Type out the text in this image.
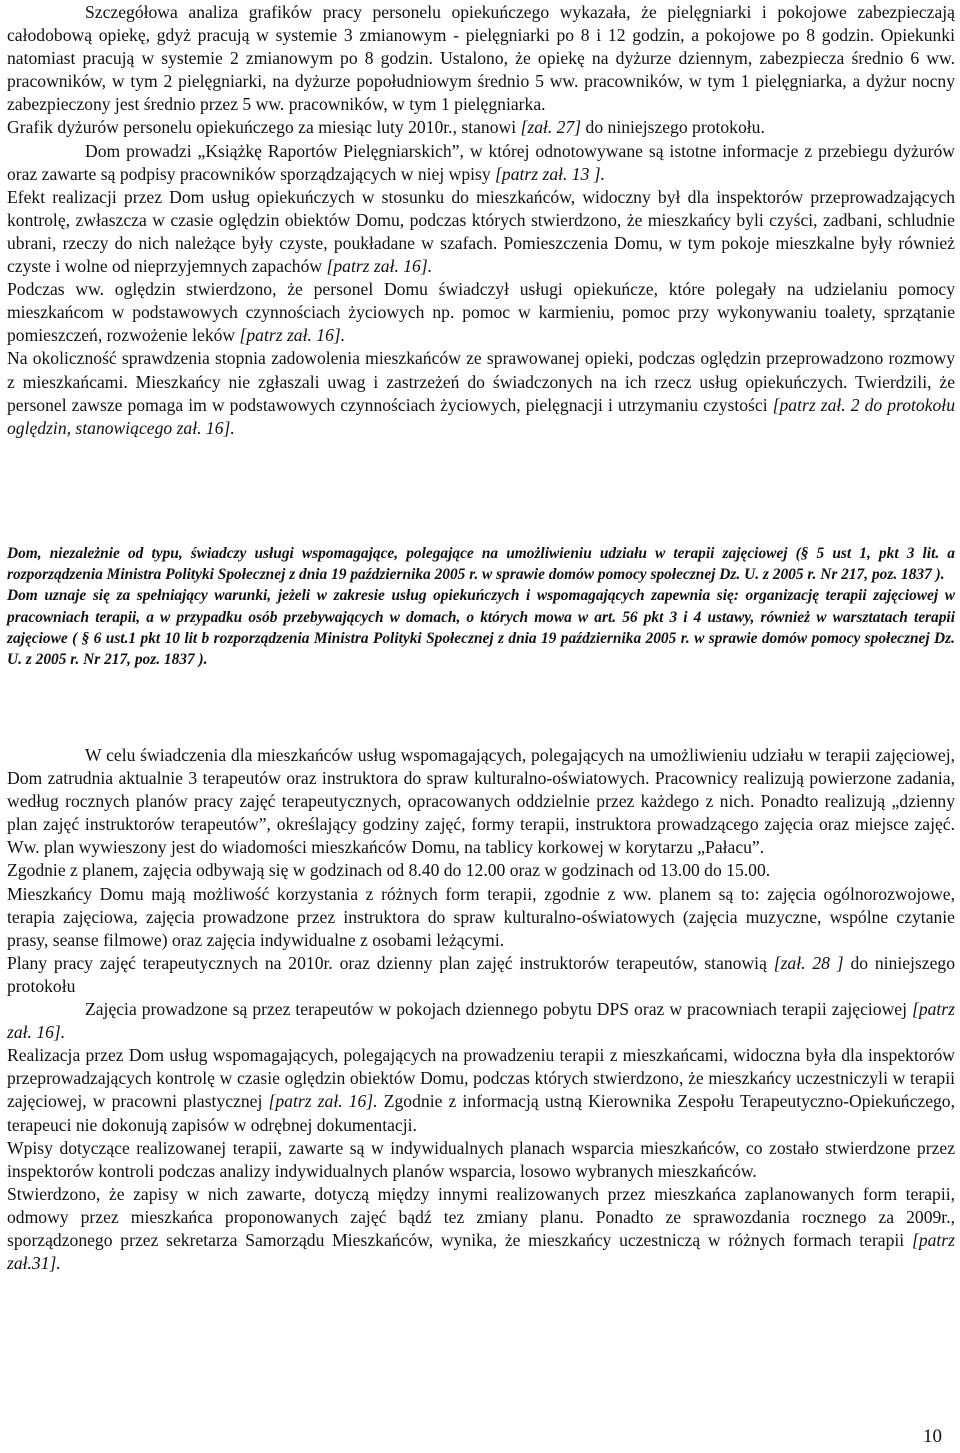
Szczegółowa analiza grafików pracy personelu opiekuńczego wykazała, że pielęgniarki i pokojowe zabezpieczają całodobową opiekę, gdyż pracują w systemie 3 zmianowym - pielęgniarki po 8 i 12 godzin, a pokojowe po 8 godzin. Opiekunki natomiast pracują w systemie 2 zmianowym po 8 godzin. Ustalono, że opiekę na dyżurze dziennym, zabezpiecza średnio 6 ww. pracowników, w tym 2 pielęgniarki, na dyżurze popołudniowym średnio 5 ww. pracowników, w tym 1 pielęgniarka, a dyżur nocny zabezpieczony jest średnio przez 5 ww. pracowników, w tym 1 pielęgniarka.

Grafik dyżurów personelu opiekuńczego za miesiąc luty 2010r., stanowi [zał. 27] do niniejszego protokołu.

Dom prowadzi „Książkę Raportów Pielęgniarskich”, w której odnotowywane są istotne informacje z przebiegu dyżurów oraz zawarte są podpisy pracowników sporządzających w niej wpisy [patrz zał. 13 ].

Efekt realizacji przez Dom usług opiekuńczych w stosunku do mieszkańców, widoczny był dla inspektorów przeprowadzających kontrolę, zwłaszcza w czasie oględzin obiektów Domu, podczas których stwierdzono, że mieszkańcy byli czyści, zadbani, schludnie ubrani, rzeczy do nich należące były czyste, poukładane w szafach. Pomieszczenia Domu, w tym pokoje mieszkalne były również czyste i wolne od nieprzyjemnych zapachów [patrz zał. 16].

Podczas ww. oględzin stwierdzono, że personel Domu świadczył usługi opiekuńcze, które polegały na udzielaniu pomocy mieszkańcom w podstawowych czynnościach życiowych np. pomoc w karmieniu, pomoc przy wykonywaniu toalety, sprzątanie pomieszczeń, rozwożenie leków [patrz zał. 16].

Na okoliczność sprawdzenia stopnia zadowolenia mieszkańców ze sprawowanej opieki, podczas oględzin przeprowadzono rozmowy z mieszkańcami. Mieszkańcy nie zgłaszali uwag i zastrzeżeń do świadczonych na ich rzecz usług opiekuńczych. Twierdzili, że personel zawsze pomaga im w podstawowych czynnościach życiowych, pielęgnacji i utrzymaniu czystości [patrz zał. 2 do protokołu oględzin, stanowiącego zał. 16].

Dom, niezależnie od typu, świadczy usługi wspomagające, polegające na umożliwieniu udziału w terapii zajęciowej (§ 5 ust 1, pkt 3 lit. a rozporządzenia Ministra Polityki Społecznej z dnia 19 października 2005 r. w sprawie domów pomocy społecznej Dz. U. z 2005 r. Nr 217, poz. 1837 ).

Dom uznaje się za spełniający warunki, jeżeli w zakresie usług opiekuńczych i wspomagających zapewnia się: organizację terapii zajęciowej w pracowniach terapii, a w przypadku osób przebywających w domach, o których mowa w art. 56 pkt 3 i 4 ustawy, również w warsztatach terapii zajęciowe ( § 6 ust.1 pkt 10 lit b rozporządzenia Ministra Polityki Społecznej z dnia 19 października 2005 r. w sprawie domów pomocy społecznej Dz. U. z 2005 r. Nr 217, poz. 1837 ).

W celu świadczenia dla mieszkańców usług wspomagających, polegających na umożliwieniu udziału w terapii zajęciowej, Dom zatrudnia aktualnie 3 terapeutów oraz instruktora do spraw kulturalno-oświatowych. Pracownicy realizują powierzone zadania, według rocznych planów pracy zajęć terapeutycznych, opracowanych oddzielnie przez każdego z nich. Ponadto realizują „dzienny plan zajęć instruktorów terapeutów”, określający godziny zajęć, formy terapii, instruktora prowadzącego zajęcia oraz miejsce zajęć. Ww. plan wywieszony jest do wiadomości mieszkańców Domu, na tablicy korkowej w korytarzu „Pałacu”.

Zgodnie z planem, zajęcia odbywają się w godzinach od 8.40 do 12.00 oraz w godzinach od 13.00 do 15.00.

Mieszkańcy Domu mają możliwość korzystania z różnych form terapii, zgodnie z ww. planem są to: zajęcia ogólnorozwojowe, terapia zajęciowa, zajęcia prowadzone przez instruktora do spraw kulturalno-oświatowych (zajęcia muzyczne, wspólne czytanie prasy, seanse filmowe) oraz zajęcia indywidualne z osobami leżącymi.

Plany pracy zajęć terapeutycznych na 2010r. oraz dzienny plan zajęć instruktorów terapeutów, stanowią [zał. 28 ] do niniejszego protokołu

Zajęcia prowadzone są przez terapeutów w pokojach dziennego pobytu DPS oraz w pracowniach terapii zajęciowej [patrz zał. 16].

Realizacja przez Dom usług wspomagających, polegających na prowadzeniu terapii z mieszkańcami, widoczna była dla inspektorów przeprowadzających kontrolę w czasie oględzin obiektów Domu, podczas których stwierdzono, że mieszkańcy uczestniczyli w terapii zajęciowej, w pracowni plastycznej [patrz zał. 16]. Zgodnie z informacją ustną Kierownika Zespołu Terapeutyczno-Opiekuńczego, terapeuci nie dokonują zapisów w odrębnej dokumentacji.

Wpisy dotyczące realizowanej terapii, zawarte są w indywidualnych planach wsparcia mieszkańców, co zostało stwierdzone przez inspektorów kontroli podczas analizy indywidualnych planów wsparcia, losowo wybranych mieszkańców.

Stwierdzono, że zapisy w nich zawarte, dotyczą między innymi realizowanych przez mieszkańca zaplanowanych form terapii, odmowy przez mieszkańca proponowanych zajęć bądź tez zmiany planu. Ponadto ze sprawozdania rocznego za 2009r., sporządzonego przez sekretarza Samorządu Mieszkańców, wynika, że mieszkańcy uczestniczą w różnych formach terapii [patrz zał.31].

10
